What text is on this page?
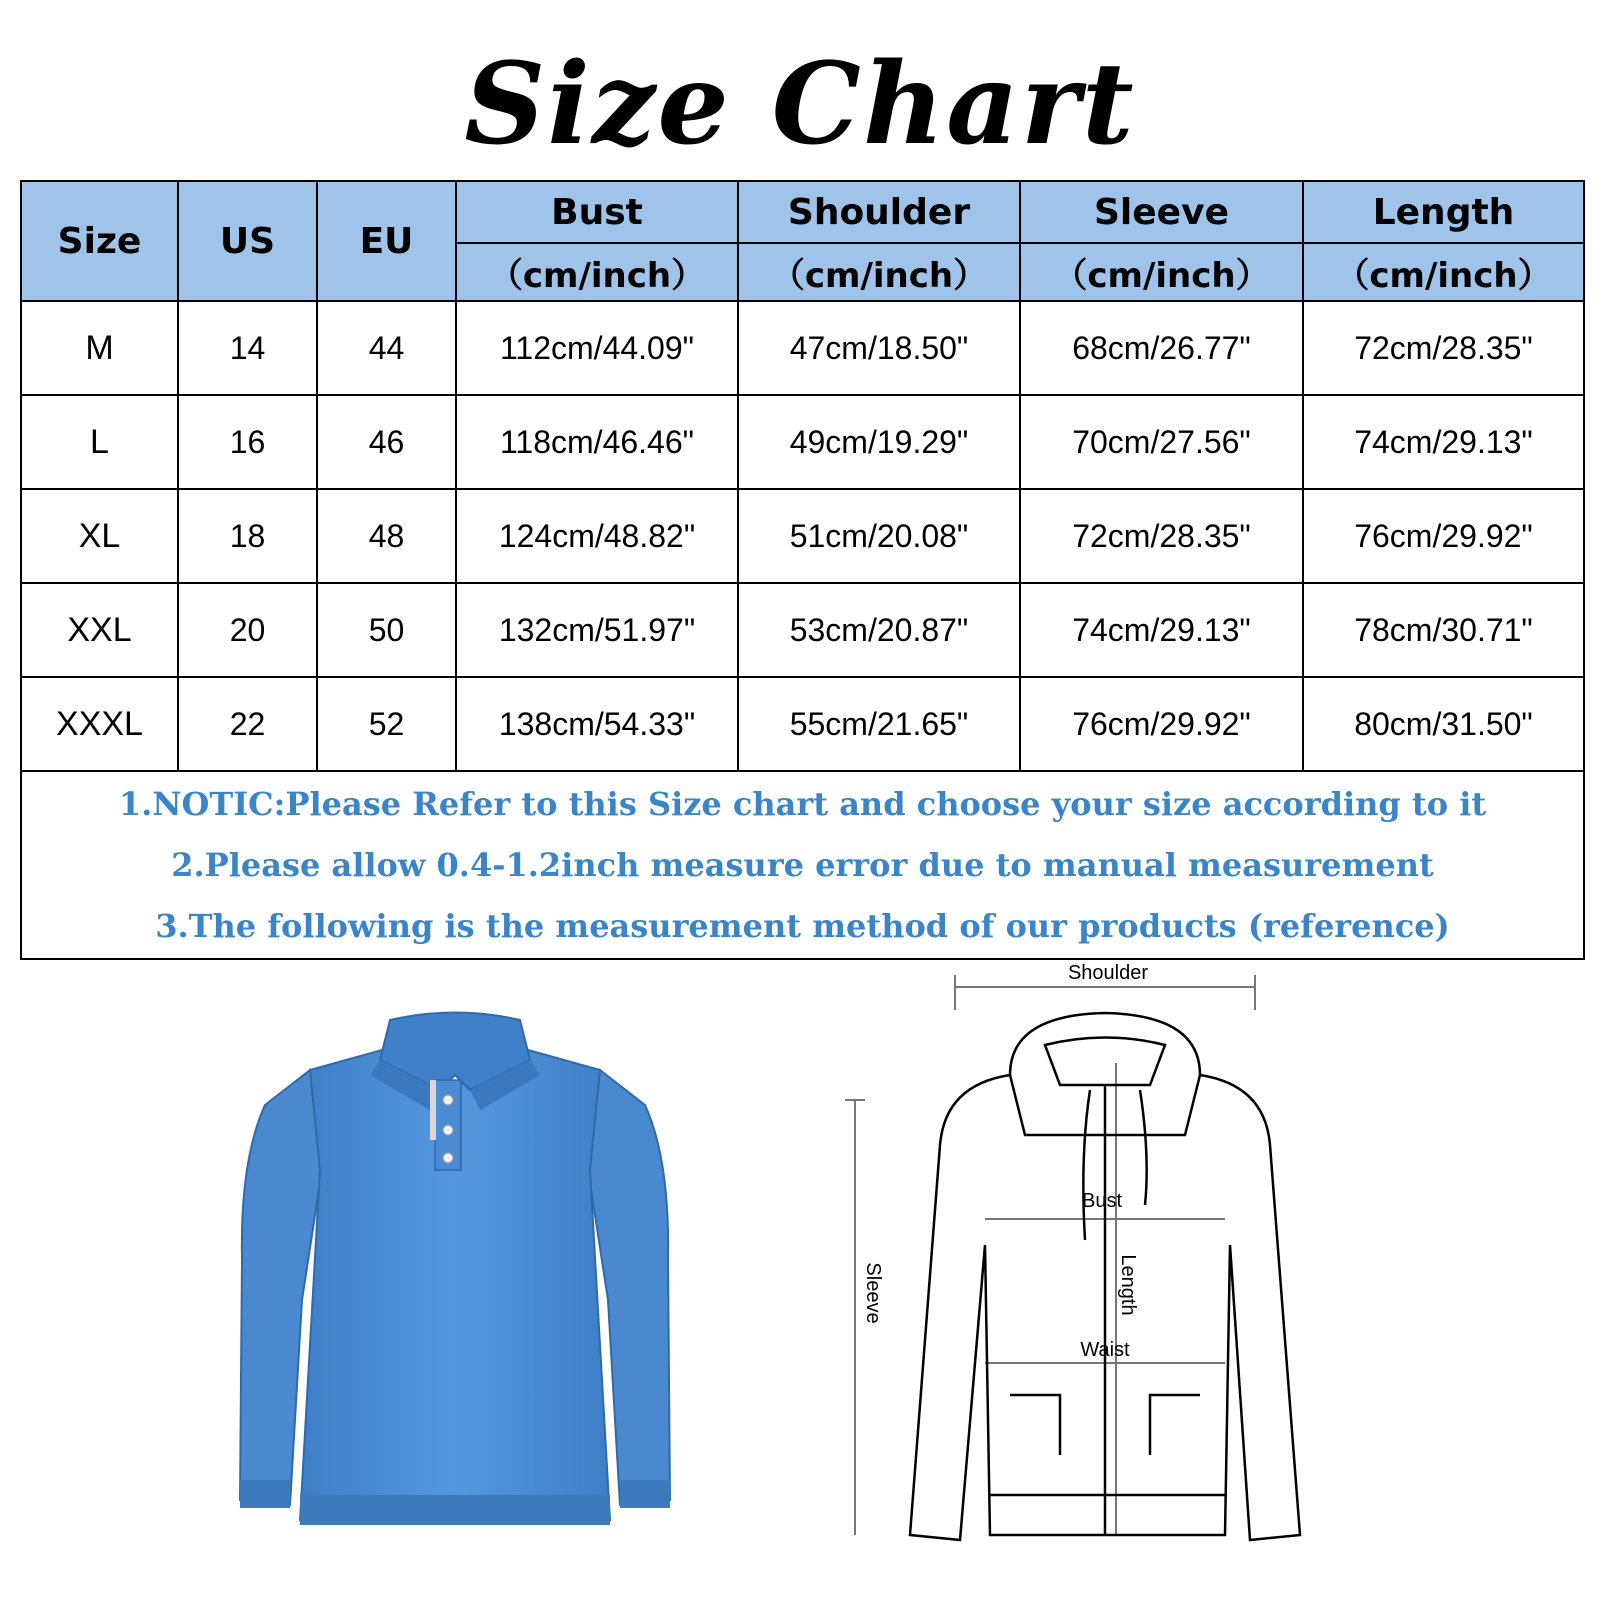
Size Chart
Size	US	EU	Bust	Shoulder	Sleeve	Length
			（cm/inch）	（cm/inch）	（cm/inch）	（cm/inch）
M	14	44	112cm/44.09"	47cm/18.50"	68cm/26.77"	72cm/28.35"
L	16	46	118cm/46.46"	49cm/19.29"	70cm/27.56"	74cm/29.13"
XL	18	48	124cm/48.82"	51cm/20.08"	72cm/28.35"	76cm/29.92"
XXL	20	50	132cm/51.97"	53cm/20.87"	74cm/29.13"	78cm/30.71"
XXXL	22	52	138cm/54.33"	55cm/21.65"	76cm/29.92"	80cm/31.50"

1.NOTIC:Please Refer to this Size chart and choose your size according to it
2.Please allow 0.4-1.2inch measure error due to manual measurement
3.The following is the measurement method of our products (reference)						
Shoulder
Bust
Waist
Length
Sleeve
